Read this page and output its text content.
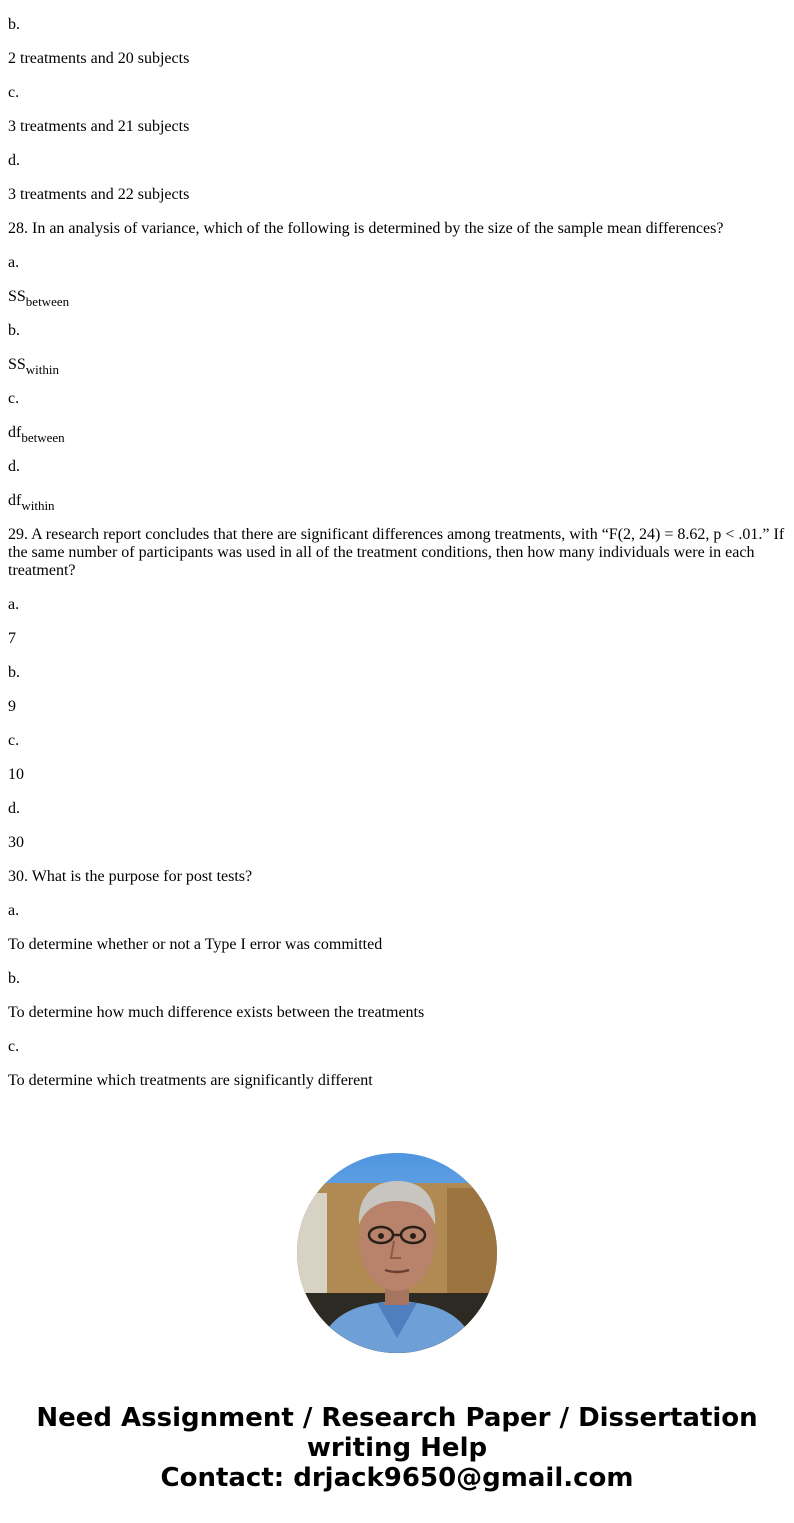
b.

2 treatments and 20 subjects

c.

3 treatments and 21 subjects

d.

3 treatments and 22 subjects

28. In an analysis of variance, which of the following is determined by the size of the sample mean differences?

a.

$SS_{between}$

b.

$SS_{within}$

c.

$df_{between}$

d.

$df_{within}$

29. A research report concludes that there are significant differences among treatments, with “F(2, 24) = 8.62, p < .01.” If the same number of participants was used in all of the treatment conditions, then how many individuals were in each treatment?

a.

7

b.

9

c.

10

d.

30

30. What is the purpose for post tests?

a.

To determine whether or not a Type I error was committed

b.

To determine how much difference exists between the treatments

c.

To determine which treatments are significantly different

Need Assignment / Research Paper / Dissertation
writing Help
Contact: drjack9650@gmail.com
